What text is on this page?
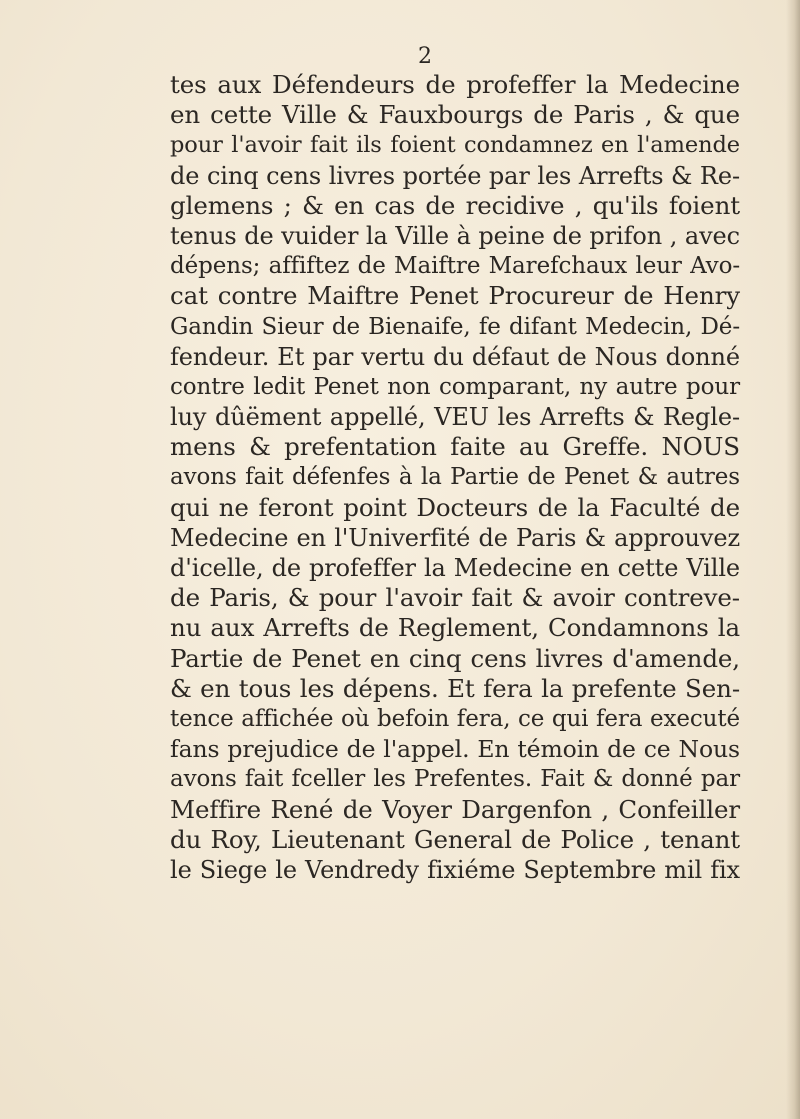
2
tes aux Défendeurs de profeffer la Medecine
en cette Ville & Fauxbourgs de Paris , & que
pour l'avoir fait ils foient condamnez en l'amende
de cinq cens livres portée par les Arrefts & Re-
glemens ; & en cas de recidive , qu'ils foient
tenus de vuider la Ville à peine de prifon , avec
dépens; affiftez de Maiftre Marefchaux leur Avo-
cat contre Maiftre Penet Procureur de Henry
Gandin Sieur de Bienaife, fe difant Medecin, Dé-
fendeur. Et par vertu du défaut de Nous donné
contre ledit Penet non comparant, ny autre pour
luy dûëment appellé, VEU les Arrefts & Regle-
mens & prefentation faite au Greffe. NOUS
avons fait défenfes à la Partie de Penet & autres
qui ne feront point Docteurs de la Faculté de
Medecine en l'Univerfité de Paris & approuvez
d'icelle, de profeffer la Medecine en cette Ville
de Paris, & pour l'avoir fait & avoir contreve-
nu aux Arrefts de Reglement, Condamnons la
Partie de Penet en cinq cens livres d'amende,
& en tous les dépens. Et fera la prefente Sen-
tence affichée où befoin fera, ce qui fera executé
fans prejudice de l'appel. En témoin de ce Nous
avons fait fceller les Prefentes. Fait & donné par
Meffire René de Voyer Dargenfon , Confeiller
du Roy, Lieutenant General de Police , tenant
le Siege le Vendredy fixiéme Septembre mil fix
